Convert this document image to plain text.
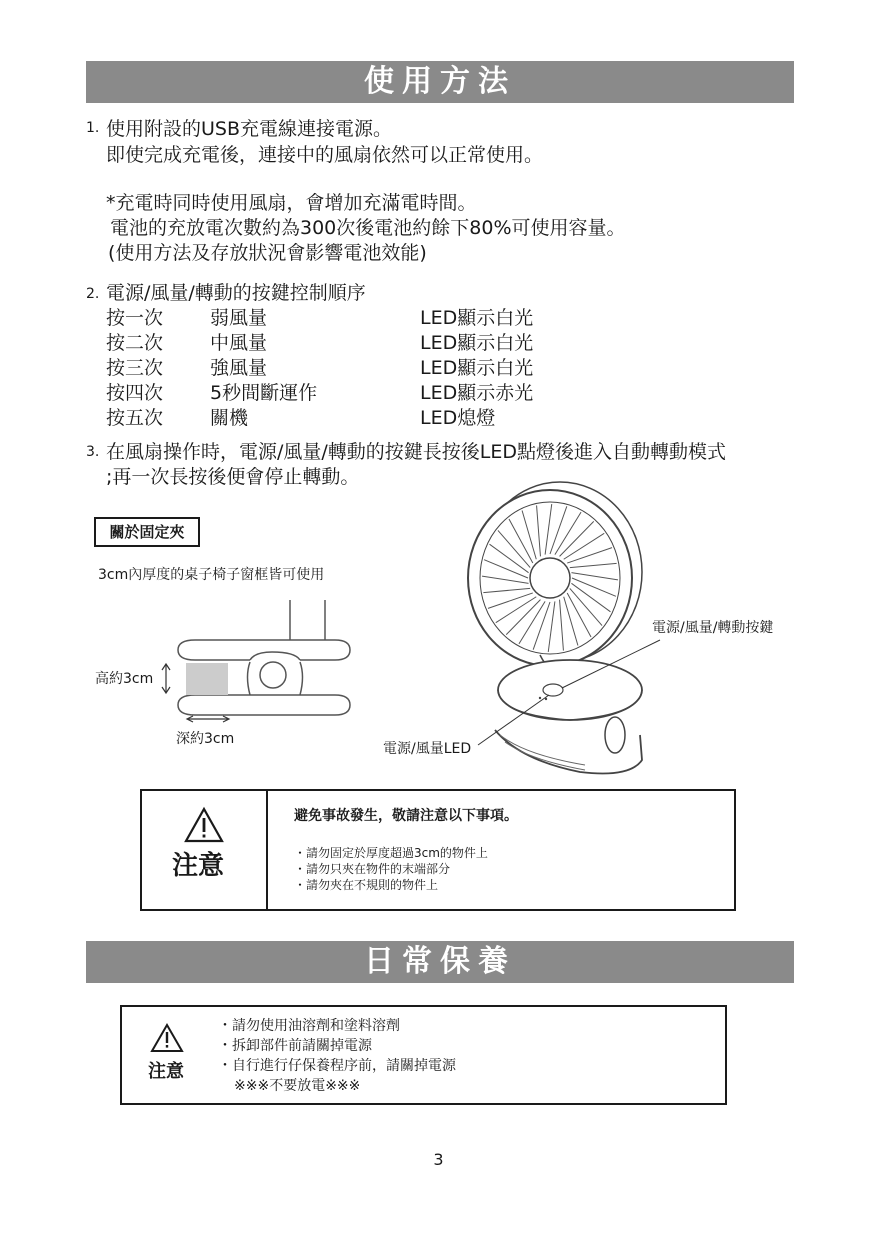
使用方法
1. 使用附設的USB充電線連接電源。
即使完成充電後，連接中的風扇依然可以正常使用。
*充電時同時使用風扇，會增加充滿電時間。
電池的充放電次數約為300次後電池約餘下80%可使用容量。
(使用方法及存放狀況會影響電池效能)
2. 電源/風量/轉動的按鍵控制順序
按一次 弱風量	LED顯示白光
按二次 中風量	LED顯示白光
按三次 強風量	LED顯示白光
按四次 5秒間斷運作	LED顯示赤光
按五次 關機	LED熄燈
3. 在風扇操作時，電源/風量/轉動的按鍵長按後LED點燈後進入自動轉動模式
;再一次長按後便會停止轉動。
關於固定夾
3cm內厚度的桌子椅子窗框皆可使用
高約3cm
深約3cm
電源/風量/轉動按鍵
電源/風量LED
注意
避免事故發生，敬請注意以下事項。
・請勿固定於厚度超過3cm的物件上
・請勿只夾在物件的末端部分
・請勿夾在不規則的物件上
日常保養
注意
・請勿使用油溶劑和塗料溶劑
・拆卸部件前請關掉電源
・自行進行仔保養程序前，請關掉電源
※※※不要放電※※※
3
